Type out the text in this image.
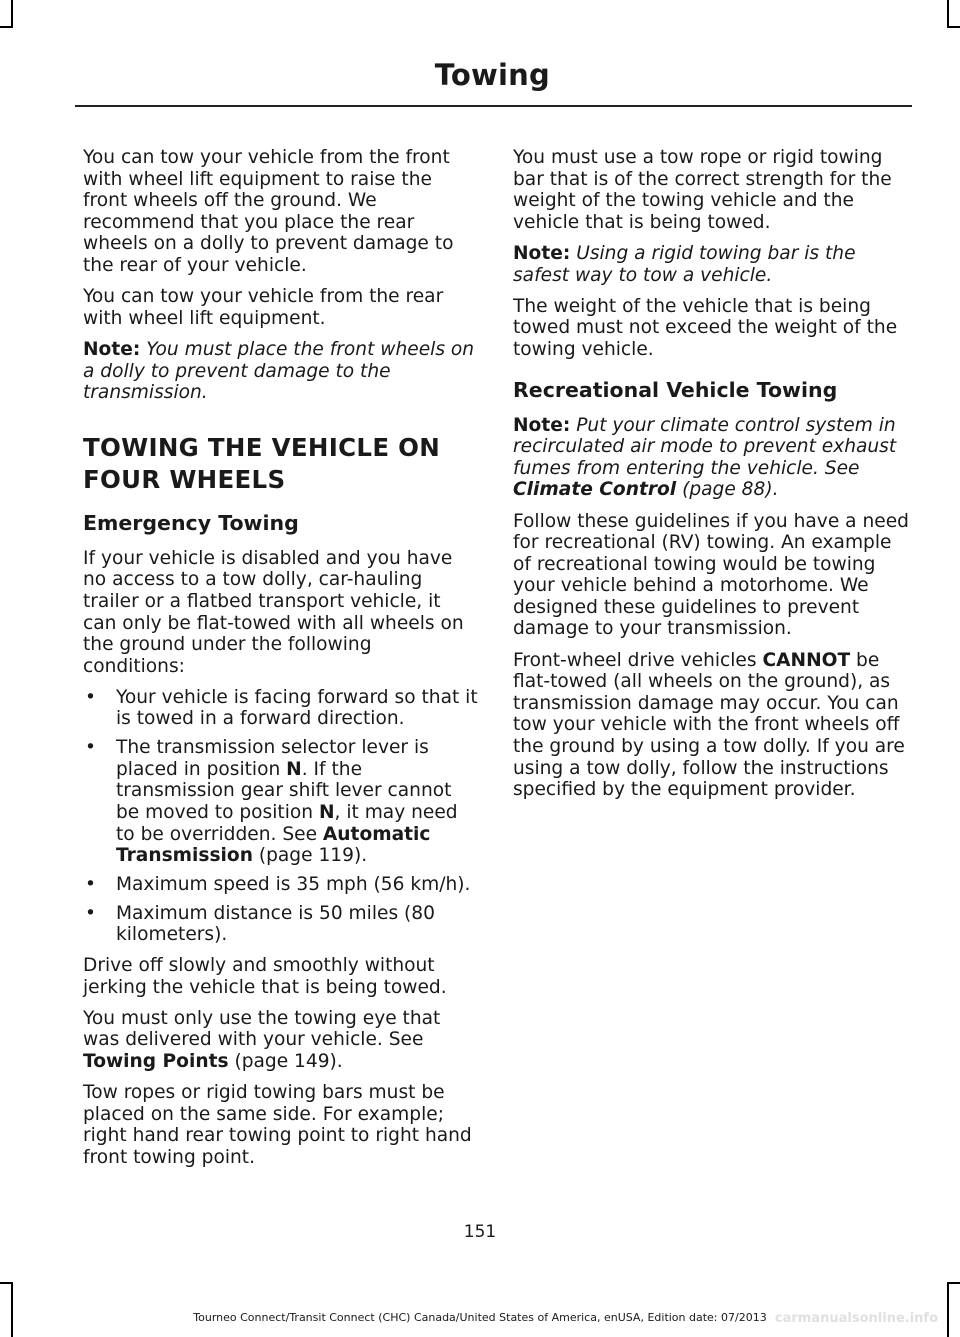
Towing

You can tow your vehicle from the front with wheel lift equipment to raise the front wheels off the ground. We recommend that you place the rear wheels on a dolly to prevent damage to the rear of your vehicle.

You can tow your vehicle from the rear with wheel lift equipment.

Note: You must place the front wheels on a dolly to prevent damage to the transmission.

TOWING THE VEHICLE ON FOUR WHEELS
Emergency Towing

If your vehicle is disabled and you have no access to a tow dolly, car-hauling trailer or a flatbed transport vehicle, it can only be flat-towed with all wheels on the ground under the following conditions:

• Your vehicle is facing forward so that it is towed in a forward direction.
• The transmission selector lever is placed in position N. If the transmission gear shift lever cannot be moved to position N, it may need to be overridden. See Automatic Transmission (page 119).
• Maximum speed is 35 mph (56 km/h).
• Maximum distance is 50 miles (80 kilometers).

Drive off slowly and smoothly without jerking the vehicle that is being towed.

You must only use the towing eye that was delivered with your vehicle. See Towing Points (page 149).

Tow ropes or rigid towing bars must be placed on the same side. For example; right hand rear towing point to right hand front towing point.

You must use a tow rope or rigid towing bar that is of the correct strength for the weight of the towing vehicle and the vehicle that is being towed.

Note: Using a rigid towing bar is the safest way to tow a vehicle.

The weight of the vehicle that is being towed must not exceed the weight of the towing vehicle.

Recreational Vehicle Towing

Note: Put your climate control system in recirculated air mode to prevent exhaust fumes from entering the vehicle. See Climate Control (page 88).

Follow these guidelines if you have a need for recreational (RV) towing. An example of recreational towing would be towing your vehicle behind a motorhome. We designed these guidelines to prevent damage to your transmission.

Front-wheel drive vehicles CANNOT be flat-towed (all wheels on the ground), as transmission damage may occur. You can tow your vehicle with the front wheels off the ground by using a tow dolly. If you are using a tow dolly, follow the instructions specified by the equipment provider.

151
Tourneo Connect/Transit Connect (CHC) Canada/United States of America, enUSA, Edition date: 07/2013 carmanualsonline.info
